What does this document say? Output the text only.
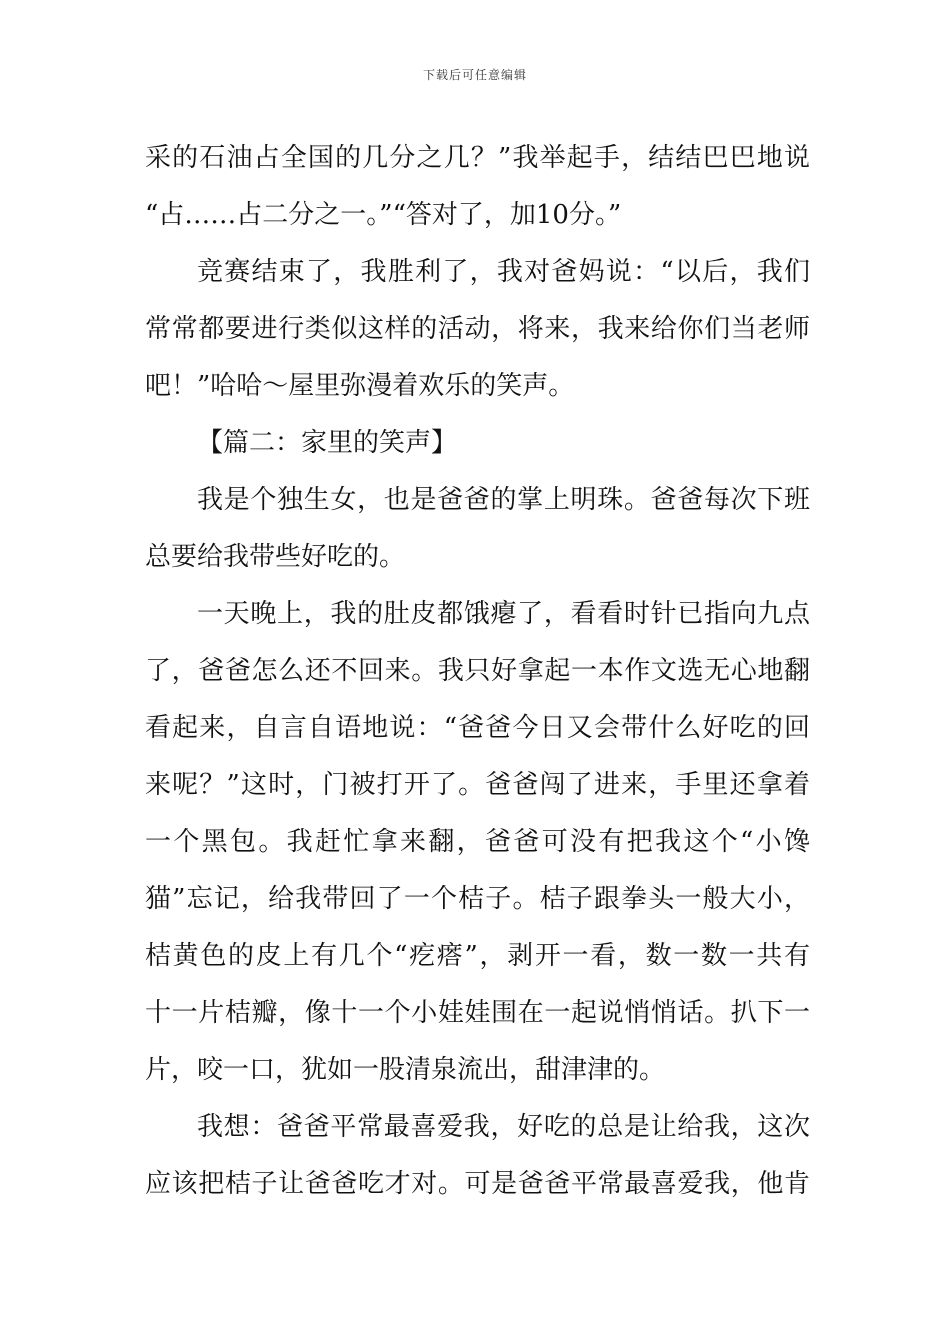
下载后可任意编辑
采的石油占全国的几分之几？”我举起手，结结巴巴地说
“占……占二分之一。”“答对了，加10分。”
竞赛结束了，我胜利了，我对爸妈说：“以后，我们
常常都要进行类似这样的活动，将来，我来给你们当老师
吧！”哈哈～屋里弥漫着欢乐的笑声。
【篇二：家里的笑声】
我是个独生女，也是爸爸的掌上明珠。爸爸每次下班
总要给我带些好吃的。
一天晚上，我的肚皮都饿瘪了，看看时针已指向九点
了，爸爸怎么还不回来。我只好拿起一本作文选无心地翻
看起来，自言自语地说：“爸爸今日又会带什么好吃的回
来呢？”这时，门被打开了。爸爸闯了进来，手里还拿着
一个黑包。我赶忙拿来翻，爸爸可没有把我这个“小馋
猫”忘记，给我带回了一个桔子。桔子跟拳头一般大小，
桔黄色的皮上有几个“疙瘩”，剥开一看，数一数一共有
十一片桔瓣，像十一个小娃娃围在一起说悄悄话。扒下一
片，咬一口，犹如一股清泉流出，甜津津的。
我想：爸爸平常最喜爱我，好吃的总是让给我，这次
应该把桔子让爸爸吃才对。可是爸爸平常最喜爱我，他肯
